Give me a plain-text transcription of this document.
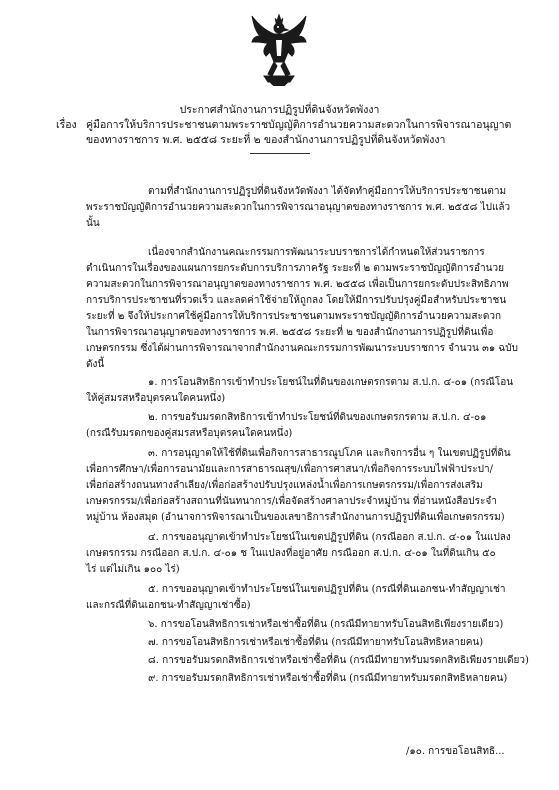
ประกาศสำนักงานการปฏิรูปที่ดินจังหวัดพังงา
เรื่อง คู่มือการให้บริการประชาชนตามพระราชบัญญัติการอำนวยความสะดวกในการพิจารณาอนุญาต
ของทางราชการ พ.ศ. ๒๕๕๘ ระยะที่ ๒ ของสำนักงานการปฏิรูปที่ดินจังหวัดพังงา
ตามที่สำนักงานการปฏิรูปที่ดินจังหวัดพังงา ได้จัดทำคู่มือการให้บริการประชาชนตาม
พระราชบัญญัติการอำนวยความสะดวกในการพิจารณาอนุญาตของทางราชการ พ.ศ. ๒๕๕๘ ไปแล้ว
นั้น
เนื่องจากสำนักงานคณะกรรมการพัฒนาระบบราชการได้กำหนดให้ส่วนราชการ
ดำเนินการในเรื่องของแผนการยกระดับการบริการภาครัฐ ระยะที่ ๒ ตามพระราชบัญญัติการอำนวย
ความสะดวกในการพิจารณาอนุญาตของทางราชการ พ.ศ. ๒๕๕๘ เพื่อเป็นการยกระดับประสิทธิภาพ
การบริการประชาชนที่รวดเร็ว และลดค่าใช้จ่ายให้ถูกลง โดยให้มีการปรับปรุงคู่มือสำหรับประชาชน
ระยะที่ ๒ จึงให้ประกาศใช้คู่มือการให้บริการประชาชนตามพระราชบัญญัติการอำนวยความสะดวก
ในการพิจารณาอนุญาตของทางราชการ พ.ศ. ๒๕๕๘ ระยะที่ ๒ ของสำนักงานการปฏิรูปที่ดินเพื่อ
เกษตรกรรม ซึ่งได้ผ่านการพิจารณาจากสำนักงานคณะกรรมการพัฒนาระบบราชการ จำนวน ๓๑ ฉบับ
ดังนี้
๑. การโอนสิทธิการเข้าทำประโยชน์ในที่ดินของเกษตรกรตาม ส.ป.ก. ๔-๐๑ (กรณีโอน
ให้คู่สมรสหรือบุตรคนใดคนหนึ่ง)
๒. การขอรับมรดกสิทธิการเข้าทำประโยชน์ที่ดินของเกษตรกรตาม ส.ป.ก. ๔-๐๑
(กรณีรับมรดกของคู่สมรสหรือบุตรคนใดคนหนึ่ง)
๓. การอนุญาตให้ใช้ที่ดินเพื่อกิจการสาธารณูปโภค และกิจการอื่น ๆ ในเขตปฏิรูปที่ดิน
เพื่อการศึกษา/เพื่อการอนามัยและการสาธารณสุข/เพื่อการศาสนา/เพื่อกิจการระบบไฟฟ้าประปา/
เพื่อก่อสร้างถนนทางลำเลียง/เพื่อก่อสร้างปรับปรุงแหล่งน้ำเพื่อการเกษตรกรรม/เพื่อการส่งเสริม
เกษตรกรรม/เพื่อก่อสร้างสถานที่นันทนาการ/เพื่อจัดสร้างศาลาประจำหมู่บ้าน ที่อ่านหนังสือประจำ
หมู่บ้าน ห้องสมุด (อำนาจการพิจารณาเป็นของเลขาธิการสำนักงานการปฏิรูปที่ดินเพื่อเกษตรกรรม)
๔. การขออนุญาตเข้าทำประโยชน์ในเขตปฏิรูปที่ดิน (กรณีออก ส.ป.ก. ๔-๐๑ ในแปลง
เกษตรกรรม กรณีออก ส.ป.ก. ๔-๐๑ ช ในแปลงที่อยู่อาศัย กรณีออก ส.ป.ก. ๔-๐๑ ในที่ดินเกิน ๕๐
ไร่ แต่ไม่เกิน ๑๐๐ ไร่)
๕. การขออนุญาตเข้าทำประโยชน์ในเขตปฏิรูปที่ดิน (กรณีที่ดินเอกชน-ทำสัญญาเช่า
และกรณีที่ดินเอกชน-ทำสัญญาเช่าซื้อ)
๖. การขอโอนสิทธิการเช่าหรือเช่าซื้อที่ดิน (กรณีมีทายาทรับโอนสิทธิเพียงรายเดียว)
๗. การขอโอนสิทธิการเช่าหรือเช่าซื้อที่ดิน (กรณีมีทายาทรับโอนสิทธิหลายคน)
๘. การขอรับมรดกสิทธิการเช่าหรือเช่าซื้อที่ดิน (กรณีมีทายาทรับมรดกสิทธิเพียงรายเดียว)
๙. การขอรับมรดกสิทธิการเช่าหรือเช่าซื้อที่ดิน (กรณีมีทายาทรับมรดกสิทธิหลายคน)
/๑๐. การขอโอนสิทธิ...
